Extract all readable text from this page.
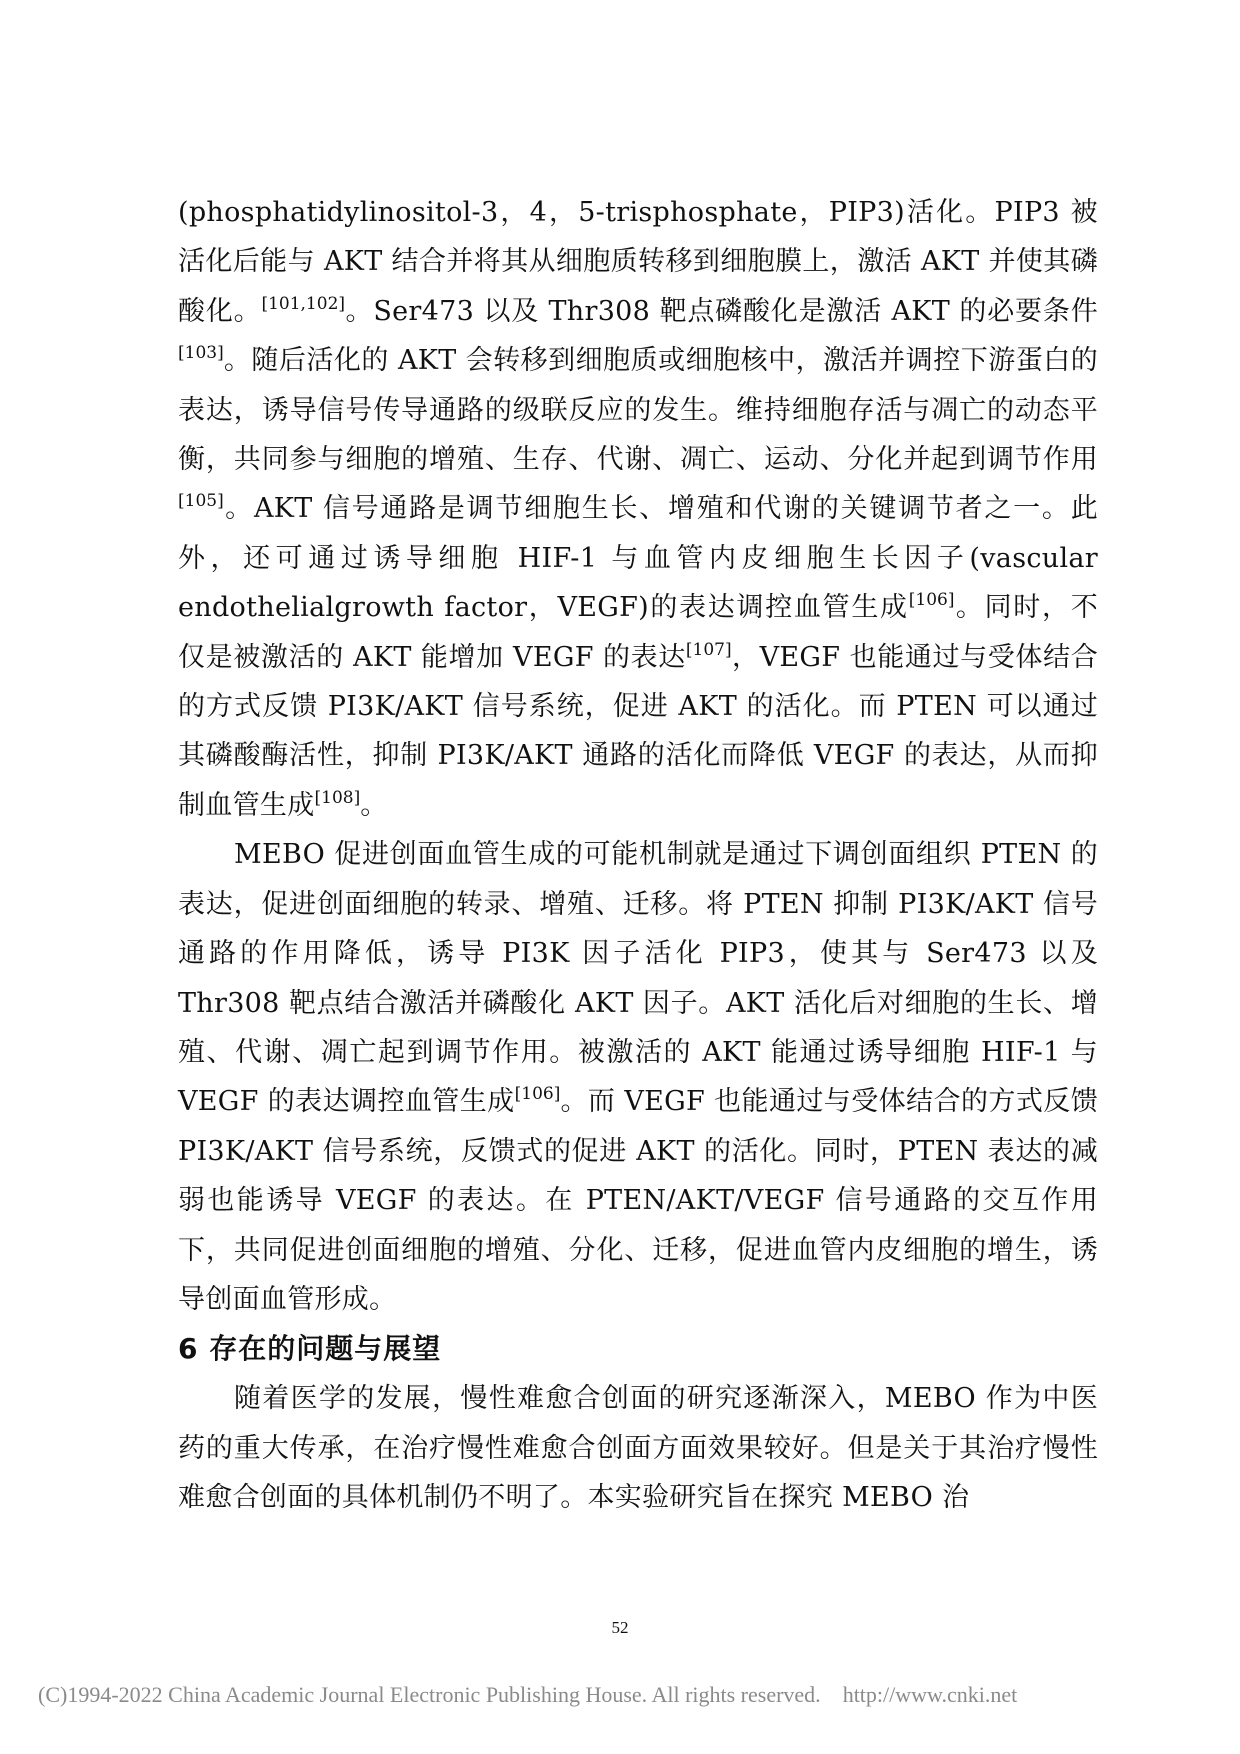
(phosphatidylinositol-3，4，5-trisphosphate，PIP3)活化。PIP3 被活化后能与 AKT 结合并将其从细胞质转移到细胞膜上，激活 AKT 并使其磷酸化。[101,102]。Ser473 以及 Thr308 靶点磷酸化是激活 AKT 的必要条件[103]。随后活化的 AKT 会转移到细胞质或细胞核中，激活并调控下游蛋白的表达，诱导信号传导通路的级联反应的发生。维持细胞存活与凋亡的动态平衡，共同参与细胞的增殖、生存、代谢、凋亡、运动、分化并起到调节作用[105]。AKT 信号通路是调节细胞生长、增殖和代谢的关键调节者之一。此外，还可通过诱导细胞 HIF-1 与血管内皮细胞生长因子(vascular endothelialgrowth factor，VEGF)的表达调控血管生成[106]。同时，不仅是被激活的 AKT 能增加 VEGF 的表达[107]，VEGF 也能通过与受体结合的方式反馈 PI3K/AKT 信号系统，促进 AKT 的活化。而 PTEN 可以通过其磷酸酶活性，抑制 PI3K/AKT 通路的活化而降低 VEGF 的表达，从而抑制血管生成[108]。

MEBO 促进创面血管生成的可能机制就是通过下调创面组织 PTEN 的表达，促进创面细胞的转录、增殖、迁移。将 PTEN 抑制 PI3K/AKT 信号通路的作用降低，诱导 PI3K 因子活化 PIP3，使其与 Ser473 以及 Thr308 靶点结合激活并磷酸化 AKT 因子。AKT 活化后对细胞的生长、增殖、代谢、凋亡起到调节作用。被激活的 AKT 能通过诱导细胞 HIF-1 与 VEGF 的表达调控血管生成[106]。而 VEGF 也能通过与受体结合的方式反馈 PI3K/AKT 信号系统，反馈式的促进 AKT 的活化。同时，PTEN 表达的减弱也能诱导 VEGF 的表达。在 PTEN/AKT/VEGF 信号通路的交互作用下，共同促进创面细胞的增殖、分化、迁移，促进血管内皮细胞的增生，诱导创面血管形成。

6 存在的问题与展望

随着医学的发展，慢性难愈合创面的研究逐渐深入，MEBO 作为中医药的重大传承，在治疗慢性难愈合创面方面效果较好。但是关于其治疗慢性难愈合创面的具体机制仍不明了。本实验研究旨在探究 MEBO 治

52
(C)1994-2022 China Academic Journal Electronic Publishing House. All rights reserved. http://www.cnki.net
